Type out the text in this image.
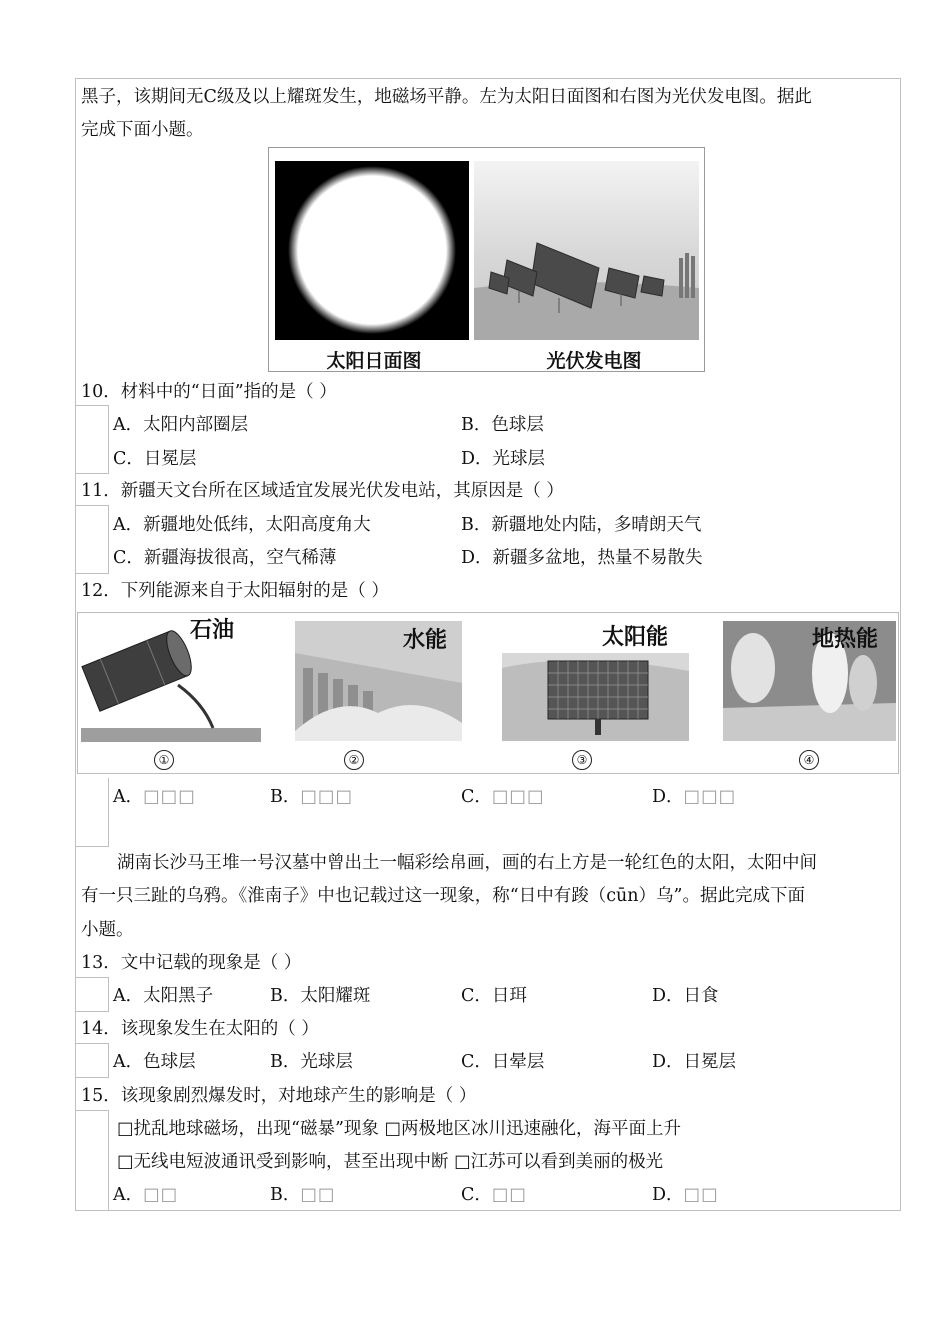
黑子，该期间无C级及以上耀斑发生，地磁场平静。左为太阳日面图和右图为光伏发电图。据此
完成下面小题。
太阳日面图	光伏发电图
10．材料中的“日面”指的是（ ）
A．太阳内部圈层	B．色球层
C．日冕层	D．光球层
11．新疆天文台所在区域适宜发展光伏发电站，其原因是（ ）
A．新疆地处低纬，太阳高度角大	B．新疆地处内陆，多晴朗天气
C．新疆海拔很高，空气稀薄	D．新疆多盆地，热量不易散失
12．下列能源来自于太阳辐射的是（ ）
石油	水能	太阳能	地热能
①	②	③	④
A．□□□	B．□□□	C．□□□	D．□□□
湖南长沙马王堆一号汉墓中曾出土一幅彩绘帛画，画的右上方是一轮红色的太阳，太阳中间
有一只三趾的乌鸦。《淮南子》中也记载过这一现象，称“日中有踆（cūn）乌”。据此完成下面
小题。
13．文中记载的现象是（ ）
A．太阳黑子	B．太阳耀斑	C．日珥	D．日食
14．该现象发生在太阳的（ ）
A．色球层	B．光球层	C．日晕层	D．日冕层
15．该现象剧烈爆发时，对地球产生的影响是（ ）
□扰乱地球磁场，出现“磁暴”现象 □两极地区冰川迅速融化，海平面上升
□无线电短波通讯受到影响，甚至出现中断 □江苏可以看到美丽的极光
A．□□	B．□□	C．□□	D．□□
